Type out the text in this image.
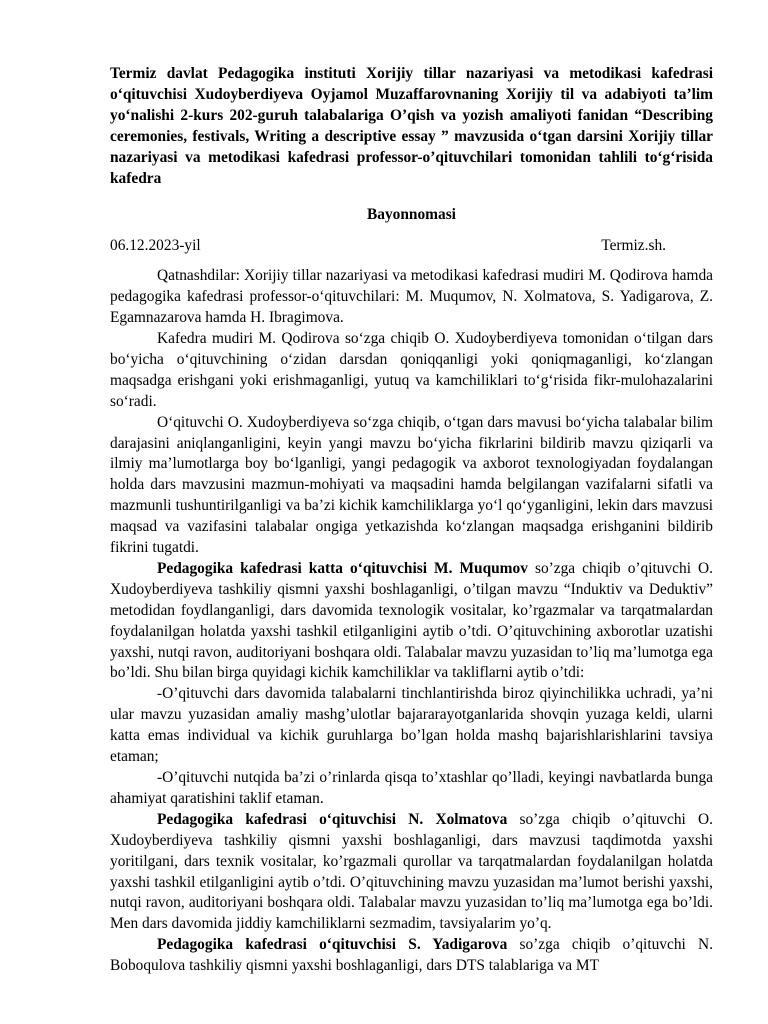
Termiz davlat Pedagogika instituti Xorijiy tillar nazariyasi va metodikasi kafedrasi o‘qituvchisi Xudoyberdiyeva Oyjamol Muzaffarovnaning Xorijiy til va adabiyoti ta’lim yo‘nalishi 2-kurs 202-guruh talabalariga O’qish va yozish amaliyoti fanidan “Describing ceremonies, festivals, Writing a descriptive essay ” mavzusida o‘tgan darsini Xorijiy tillar nazariyasi va metodikasi kafedrasi professor-o’qituvchilari tomonidan tahlili to‘g‘risida kafedra

Bayonnomasi

06.12.2023-yil	Termiz.sh.

Qatnashdilar: Xorijiy tillar nazariyasi va metodikasi kafedrasi mudiri M. Qodirova hamda pedagogika kafedrasi professor-o‘qituvchilari: M. Muqumov, N. Xolmatova, S. Yadigarova, Z. Egamnazarova hamda H. Ibragimova.

Kafedra mudiri M. Qodirova so‘zga chiqib O. Xudoyberdiyeva tomonidan o‘tilgan dars bo‘yicha o‘qituvchining o‘zidan darsdan qoniqqanligi yoki qoniqmaganligi, ko‘zlangan maqsadga erishgani yoki erishmaganligi, yutuq va kamchiliklari to‘g‘risida fikr-mulohazalarini so‘radi.

O‘qituvchi O. Xudoyberdiyeva so‘zga chiqib, o‘tgan dars mavusi bo‘yicha talabalar bilim darajasini aniqlanganligini, keyin yangi mavzu bo‘yicha fikrlarini bildirib mavzu qiziqarli va ilmiy ma’lumotlarga boy bo‘lganligi, yangi pedagogik va axborot texnologiyadan foydalangan holda dars mavzusini mazmun-mohiyati va maqsadini hamda belgilangan vazifalarni sifatli va mazmunli tushuntirilganligi va ba’zi kichik kamchiliklarga yo‘l qo‘yganligini, lekin dars mavzusi maqsad va vazifasini talabalar ongiga yetkazishda ko‘zlangan maqsadga erishganini bildirib fikrini tugatdi.

Pedagogika kafedrasi katta o‘qituvchisi M. Muqumov so’zga chiqib o’qituvchi O. Xudoyberdiyeva tashkiliy qismni yaxshi boshlaganligi, o’tilgan mavzu “Induktiv va Deduktiv” metodidan foydlanganligi, dars davomida texnologik vositalar, ko’rgazmalar va tarqatmalardan foydalanilgan holatda yaxshi tashkil etilganligini aytib o’tdi. O’qituvchining axborotlar uzatishi yaxshi, nutqi ravon, auditoriyani boshqara oldi. Talabalar mavzu yuzasidan to’liq ma’lumotga ega bo’ldi. Shu bilan birga quyidagi kichik kamchiliklar va takliflarni aytib o’tdi:

-O’qituvchi dars davomida talabalarni tinchlantirishda biroz qiyinchilikka uchradi, ya’ni ular mavzu yuzasidan amaliy mashg’ulotlar bajararayotganlarida shovqin yuzaga keldi, ularni katta emas individual va kichik guruhlarga bo’lgan holda mashq bajarishlarishlarini tavsiya etaman;

-O’qituvchi nutqida ba’zi o’rinlarda qisqa to’xtashlar qo’lladi, keyingi navbatlarda bunga ahamiyat qaratishini taklif etaman.

Pedagogika kafedrasi o‘qituvchisi N. Xolmatova so’zga chiqib o’qituvchi O. Xudoyberdiyeva tashkiliy qismni yaxshi boshlaganligi, dars mavzusi taqdimotda yaxshi yoritilgani, dars texnik vositalar, ko’rgazmali qurollar va tarqatmalardan foydalanilgan holatda yaxshi tashkil etilganligini aytib o’tdi. O’qituvchining mavzu yuzasidan ma’lumot berishi yaxshi, nutqi ravon, auditoriyani boshqara oldi. Talabalar mavzu yuzasidan to’liq ma’lumotga ega bo’ldi. Men dars davomida jiddiy kamchiliklarni sezmadim, tavsiyalarim yo’q.

Pedagogika kafedrasi o‘qituvchisi S. Yadigarova so’zga chiqib o’qituvchi N. Boboqulova tashkiliy qismni yaxshi boshlaganligi, dars DTS talablariga va MT
